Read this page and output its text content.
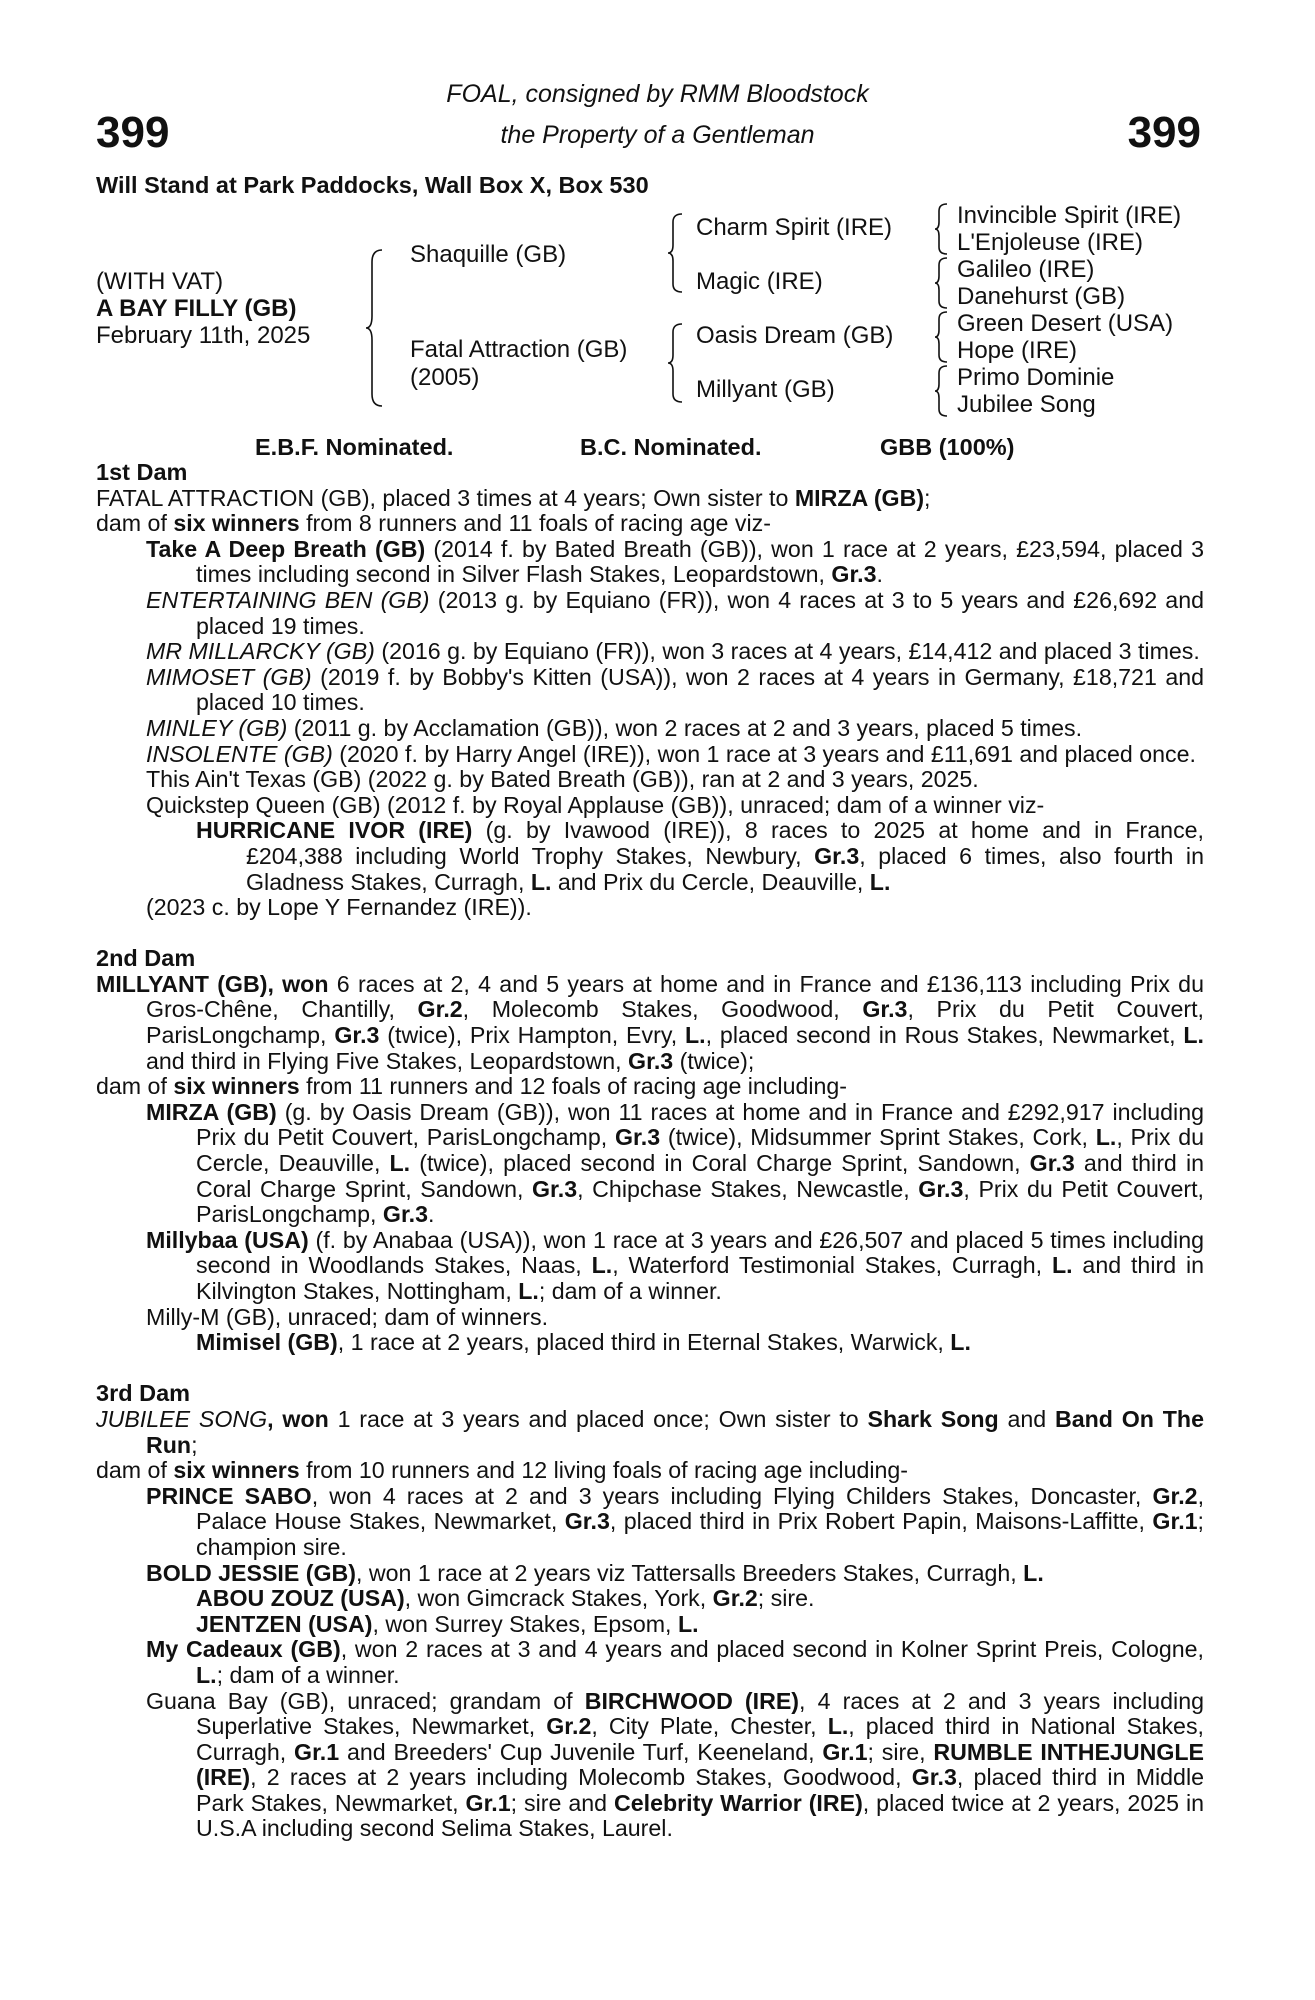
399	399
FOAL, consigned by RMM Bloodstock
the Property of a Gentleman
Will Stand at Park Paddocks, Wall Box X, Box 530
(WITH VAT)
A BAY FILLY (GB)
February 11th, 2025
Shaquille (GB)
Fatal Attraction (GB)
(2005)
Charm Spirit (IRE)
Magic (IRE)
Oasis Dream (GB)
Millyant (GB)
Invincible Spirit (IRE)
L'Enjoleuse (IRE)
Galileo (IRE)
Danehurst (GB)
Green Desert (USA)
Hope (IRE)
Primo Dominie
Jubilee Song
E.B.F. Nominated.	B.C. Nominated.	GBB (100%)
1st Dam
FATAL ATTRACTION (GB), placed 3 times at 4 years; Own sister to MIRZA (GB);
dam of six winners from 8 runners and 11 foals of racing age viz-
Take A Deep Breath (GB) (2014 f. by Bated Breath (GB)), won 1 race at 2 years, £23,594, placed 3 times including second in Silver Flash Stakes, Leopardstown, Gr.3.
ENTERTAINING BEN (GB) (2013 g. by Equiano (FR)), won 4 races at 3 to 5 years and £26,692 and placed 19 times.
MR MILLARCKY (GB) (2016 g. by Equiano (FR)), won 3 races at 4 years, £14,412 and placed 3 times.
MIMOSET (GB) (2019 f. by Bobby's Kitten (USA)), won 2 races at 4 years in Germany, £18,721 and placed 10 times.
MINLEY (GB) (2011 g. by Acclamation (GB)), won 2 races at 2 and 3 years, placed 5 times.
INSOLENTE (GB) (2020 f. by Harry Angel (IRE)), won 1 race at 3 years and £11,691 and placed once.
This Ain't Texas (GB) (2022 g. by Bated Breath (GB)), ran at 2 and 3 years, 2025.
Quickstep Queen (GB) (2012 f. by Royal Applause (GB)), unraced; dam of a winner viz-
HURRICANE IVOR (IRE) (g. by Ivawood (IRE)), 8 races to 2025 at home and in France, £204,388 including World Trophy Stakes, Newbury, Gr.3, placed 6 times, also fourth in Gladness Stakes, Curragh, L. and Prix du Cercle, Deauville, L.
(2023 c. by Lope Y Fernandez (IRE)).
2nd Dam
MILLYANT (GB), won 6 races at 2, 4 and 5 years at home and in France and £136,113 including Prix du Gros-Chêne, Chantilly, Gr.2, Molecomb Stakes, Goodwood, Gr.3, Prix du Petit Couvert, ParisLongchamp, Gr.3 (twice), Prix Hampton, Evry, L., placed second in Rous Stakes, Newmarket, L. and third in Flying Five Stakes, Leopardstown, Gr.3 (twice);
dam of six winners from 11 runners and 12 foals of racing age including-
MIRZA (GB) (g. by Oasis Dream (GB)), won 11 races at home and in France and £292,917 including Prix du Petit Couvert, ParisLongchamp, Gr.3 (twice), Midsummer Sprint Stakes, Cork, L., Prix du Cercle, Deauville, L. (twice), placed second in Coral Charge Sprint, Sandown, Gr.3 and third in Coral Charge Sprint, Sandown, Gr.3, Chipchase Stakes, Newcastle, Gr.3, Prix du Petit Couvert, ParisLongchamp, Gr.3.
Millybaa (USA) (f. by Anabaa (USA)), won 1 race at 3 years and £26,507 and placed 5 times including second in Woodlands Stakes, Naas, L., Waterford Testimonial Stakes, Curragh, L. and third in Kilvington Stakes, Nottingham, L.; dam of a winner.
Milly-M (GB), unraced; dam of winners.
Mimisel (GB), 1 race at 2 years, placed third in Eternal Stakes, Warwick, L.
3rd Dam
JUBILEE SONG, won 1 race at 3 years and placed once; Own sister to Shark Song and Band On The Run;
dam of six winners from 10 runners and 12 living foals of racing age including-
PRINCE SABO, won 4 races at 2 and 3 years including Flying Childers Stakes, Doncaster, Gr.2, Palace House Stakes, Newmarket, Gr.3, placed third in Prix Robert Papin, Maisons-Laffitte, Gr.1; champion sire.
BOLD JESSIE (GB), won 1 race at 2 years viz Tattersalls Breeders Stakes, Curragh, L.
ABOU ZOUZ (USA), won Gimcrack Stakes, York, Gr.2; sire.
JENTZEN (USA), won Surrey Stakes, Epsom, L.
My Cadeaux (GB), won 2 races at 3 and 4 years and placed second in Kolner Sprint Preis, Cologne, L.; dam of a winner.
Guana Bay (GB), unraced; grandam of BIRCHWOOD (IRE), 4 races at 2 and 3 years including Superlative Stakes, Newmarket, Gr.2, City Plate, Chester, L., placed third in National Stakes, Curragh, Gr.1 and Breeders' Cup Juvenile Turf, Keeneland, Gr.1; sire, RUMBLE INTHEJUNGLE (IRE), 2 races at 2 years including Molecomb Stakes, Goodwood, Gr.3, placed third in Middle Park Stakes, Newmarket, Gr.1; sire and Celebrity Warrior (IRE), placed twice at 2 years, 2025 in U.S.A including second Selima Stakes, Laurel.
